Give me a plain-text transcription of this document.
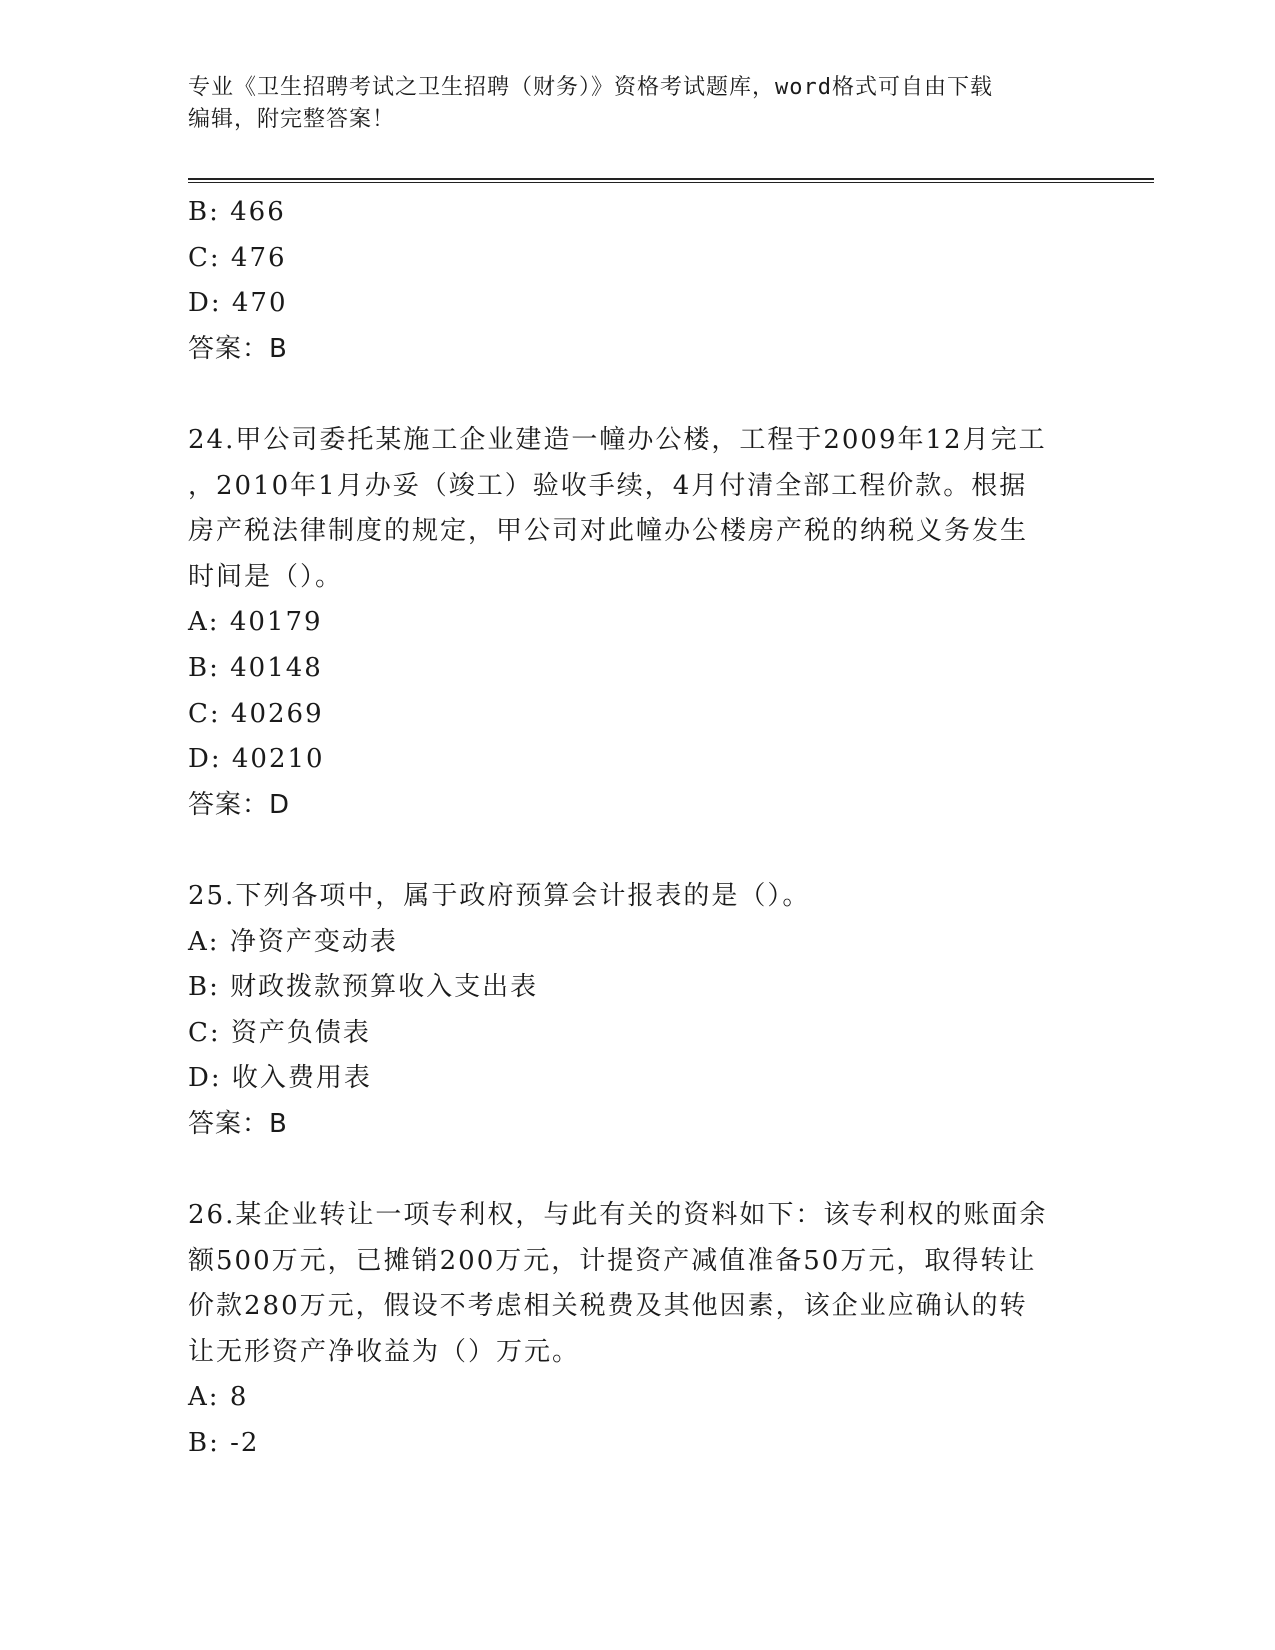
专业《卫生招聘考试之卫生招聘（财务）》资格考试题库，word格式可自由下载
编辑，附完整答案！
B: 466
C: 476
D: 470
答案：B
24.甲公司委托某施工企业建造一幢办公楼，工程于2009年12月完工
，2010年1月办妥（竣工）验收手续，4月付清全部工程价款。根据
房产税法律制度的规定，甲公司对此幢办公楼房产税的纳税义务发生
时间是（）。
A: 40179
B: 40148
C: 40269
D: 40210
答案：D
25.下列各项中，属于政府预算会计报表的是（）。
A: 净资产变动表
B: 财政拨款预算收入支出表
C: 资产负债表
D: 收入费用表
答案：B
26.某企业转让一项专利权，与此有关的资料如下：该专利权的账面余
额500万元，已摊销200万元，计提资产减值准备50万元，取得转让
价款280万元，假设不考虑相关税费及其他因素，该企业应确认的转
让无形资产净收益为（）万元。
A: 8
B: -2
